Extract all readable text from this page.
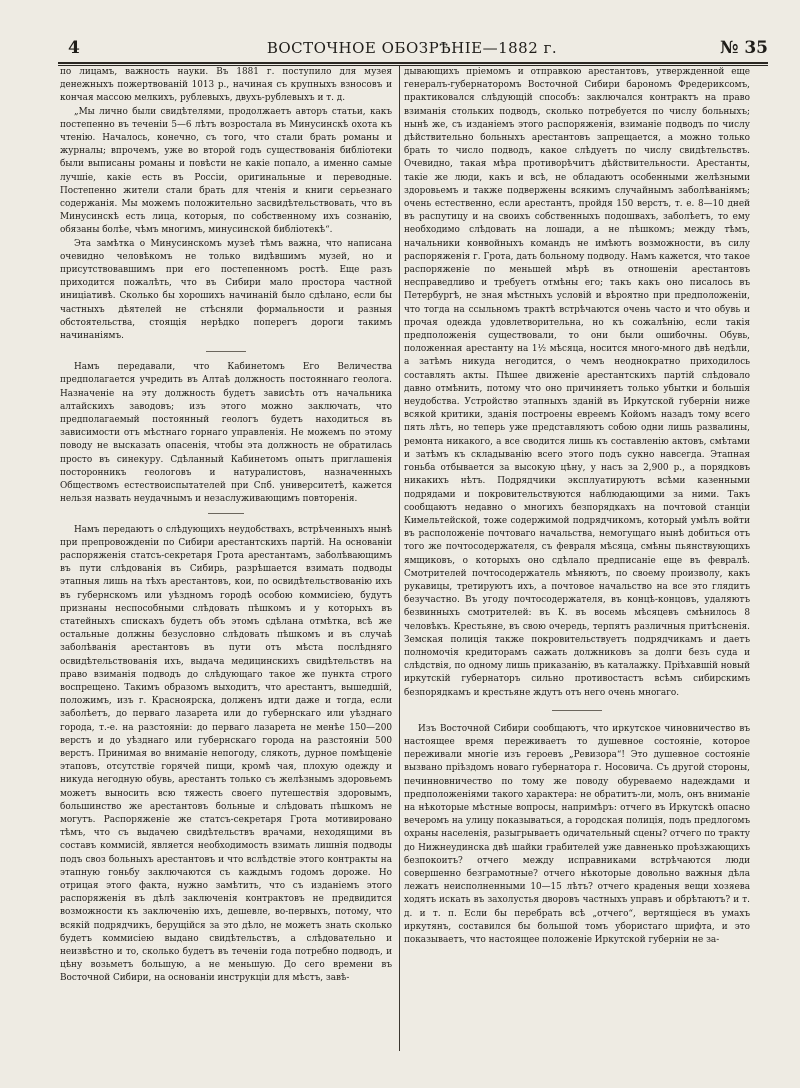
4	ВОСТОЧНОЕ ОБОЗРѢНІЕ—1882 г.	№ 35

по лицамъ, важность науки. Въ 1881 г. поступило для музея денежныхъ пожертвованій 1013 р., начиная съ крупныхъ взносовъ и кончая массою мелкихъ, рублевыхъ, двухъ-рублевыхъ и т. д.

„Мы лично были свидѣтелями, продолжаетъ авторъ статьи, какъ постепенно въ теченіи 5—6 лѣтъ возростала въ Минусинскѣ охота къ чтенію. Началось, конечно, съ того, что стали брать романы и журналы; впрочемъ, уже во второй годъ существованія библіотеки были выписаны романы и повѣсти не какіе попало, а именно самые лучшіе, какіе есть въ Россіи, оригинальные и переводные. Постепенно жители стали брать для чтенія и книги серьезнаго содержанія. Мы можемъ положительно засвидѣтельствовать, что въ Минусинскѣ есть лица, которыя, по собственному ихъ сознанію, обязаны болѣе, чѣмъ многимъ, минусинской библіотекѣ“.

Эта замѣтка о Минусинскомъ музеѣ тѣмъ важна, что написана очевидно человѣкомъ не только видѣвшимъ музей, но и присутствовавшимъ при его постепенномъ ростѣ. Еще разъ приходится пожалѣть, что въ Сибири мало простора частной иниціативѣ. Сколько бы хорошихъ начинаній было сдѣлано, если бы частныхъ дѣятелей не стѣсняли формальности и разныя обстоятельства, стоящія нерѣдко поперегъ дороги такимъ начинаніямъ.

Намъ передавали, что Кабинетомъ Его Величества предполагается учредить въ Алтаѣ должность постояннаго геолога. Назначеніе на эту должность будетъ зависѣть отъ начальника алтайскихъ заводовъ; изъ этого можно заключать, что предполагаемый постоянный геологъ будетъ находиться въ зависимости отъ мѣстнаго горнаго управленія. Не можемъ по этому поводу не высказать опасенія, чтобы эта должность не обратилась просто въ синекуру. Сдѣланный Кабинетомъ опытъ приглашенія посторонникъ геологовъ и натуралистовъ, назначенныхъ Обществомъ естествоиспытателей при Спб. университетѣ, кажется нельзя назвать неудачнымъ и незаслуживающимъ повторенія.

Намъ передаютъ о слѣдующихъ неудобствахъ, встрѣченныхъ нынѣ при препровожденіи по Сибири арестантскихъ партій. На основаніи распоряженія статсъ-секретаря Грота арестантамъ, заболѣвающимъ въ пути слѣдованія въ Сибирь, разрѣшается взимать подводы этапныя лишь на тѣхъ арестантовъ, кои, по освидѣтельствованію ихъ въ губернскомъ или уѣздномъ городѣ особою коммисіею, будутъ признаны неспособными слѣдовать пѣшкомъ и у которыхъ въ статейныхъ спискахъ будетъ объ этомъ сдѣлана отмѣтка, всѣ же остальные должны безусловно слѣдовать пѣшкомъ и въ случаѣ заболѣванія арестантовъ въ пути отъ мѣста послѣдняго освидѣтельствованія ихъ, выдача медицинскихъ свидѣтельствъ на право взиманія подводъ до слѣдующаго такое же пункта строго воспрещено. Такимъ образомъ выходитъ, что арестантъ, вышедшій, положимъ, изъ г. Красноярска, долженъ идти даже и тогда, если заболѣетъ, до перваго лазарета или до губернскаго или уѣзднаго города, т.-е. на разстояніи: до перваго лазарета не менѣе 150—200 верстъ и до уѣзднаго или губернскаго города на разстояніи 500 верстъ. Принимая во вниманіе непогоду, слякоть, дурное помѣщеніе этаповъ, отсутствіе горячей пищи, кромѣ чая, плохую одежду и никуда негодную обувь, арестантъ только съ желѣзнымъ здоровьемъ можетъ выносить всю тяжесть своего путешествія здоровымъ, большинство же арестантовъ больные и слѣдовать пѣшкомъ не могутъ. Распоряженіе же статсъ-секретаря Грота мотивировано тѣмъ, что съ выдачею свидѣтельствъ врачами, неходящими въ составъ коммисій, является необходимость взимать лишнія подводы подъ своз больныхъ арестантовъ и что вслѣдствіе этого контракты на этапную гоньбу заключаются съ каждымъ годомъ дороже. Но отрицая этого факта, нужно замѣтить, что съ изданіемъ этого распоряженія въ дѣлѣ заключенія контрактовъ не предвидится возможности къ заключенію ихъ, дешевле, во-первыхъ, потому, что всякій подрядчикъ, берущійся за это дѣло, не можетъ знать сколько будетъ коммисіею выдано свидѣтельствъ, а слѣдовательно и неизвѣстно и то, сколько будетъ въ теченіи года потребно подводъ, и цѣну возьметъ большую, а не меньшую. До сего времени въ Восточной Сибири, на основаніи инструкціи для мѣстъ, завѣ-

дывающихъ пріемомъ и отправкою арестантовъ, утвержденной еще генералъ-губернаторомъ Восточной Сибири барономъ Фредериксомъ, практиковался слѣдующій способъ: заключался контрактъ на право взиманія стольких подводъ, сколько потребуется по числу больныхъ; нынѣ же, съ изданіемъ этого распоряженія, взиманіе подводъ по числу дѣйствительно больныхъ арестантовъ запрещается, а можно только брать то число подводъ, какое слѣдуетъ по числу свидѣтельствъ. Очевидно, такая мѣра противорѣчитъ дѣйствительности. Арестанты, такіе же люди, какъ и всѣ, не обладаютъ особенными желѣзными здоровьемъ и также подвержены всякимъ случайнымъ заболѣваніямъ; очень естественно, если арестантъ, пройдя 150 верстъ, т. е. 8—10 дней въ распутицу и на своихъ собственныхъ подошвахъ, заболѣетъ, то ему необходимо слѣдовать на лошади, а не пѣшкомъ; между тѣмъ, начальники конвойныхъ командъ не имѣютъ возможности, въ силу распоряженія г. Грота, дать больному подводу. Намъ кажется, что такое распоряженіе по меньшей мѣрѣ въ отношеніи арестантовъ несправедливо и требуетъ отмѣны его; такъ какъ оно писалось въ Петербургѣ, не зная мѣстныхъ условій и вѣроятно при предположеніи, что тогда на ссыльномъ трактѣ встрѣчаются очень часто и что обувь и прочая одежда удовлетворительна, но къ сожалѣнію, если такія предположенія существовали, то они были ошибочны. Обувь, положенная арестанту на 1½ мѣсяца, носится много-много двѣ недѣли, а затѣмъ никуда негодится, о чемъ неоднократно приходилось составлять акты. Пѣшее движеніе арестантскихъ партій слѣдовало давно отмѣнить, потому что оно причиняетъ только убытки и большія неудобства. Устройство этапныхъ зданій въ Иркутской губерніи ниже всякой критики, зданія построены евреемъ Койомъ назадъ тому всего пять лѣтъ, но теперь уже представляютъ собою одни лишь развалины, ремонта никакого, а все сводится лишь къ составленію актовъ, смѣтами и затѣмъ къ складыванію всего этого подъ сукно навсегда. Этапная гоньба отбывается за высокую цѣну, у насъ за 2,900 р., а порядковъ никакихъ нѣтъ. Подрядчики эксплуатируютъ всѣми казенными подрядами и покровительствуются наблюдающими за ними. Такъ сообщаютъ недавно о многихъ безпорядкахъ на почтовой станціи Кимельтейской, тоже содержимой подрядчикомъ, который умѣлъ войти въ расположеніе почтоваго начальства, немогущаго нынѣ добиться отъ того же почтосодержателя, съ февраля мѣсяца, смѣны пьянствующихъ ямщиковъ, о которыхъ оно сдѣлало предписаніе еще въ февралѣ. Смотрителей почтосодержатель мѣняютъ, по своему произволу, какъ рукавицы, третируютъ ихъ, а почтовое начальство на все это глядитъ безучастно. Въ угоду почтосодержателя, въ концѣ-концовъ, удаляютъ безвинныхъ смотрителей: въ К. въ восемь мѣсяцевъ смѣнилось 8 человѣкъ. Крестьяне, въ свою очередь, терпятъ различныя притѣсненія. Земская полиція также покровительствуетъ подрядчикамъ и даетъ полномочія кредиторамъ сажать должниковъ за долги безъ суда и слѣдствія, по одному лишь приказанію, въ каталажку. Пріѣхавшій новый иркутскій губернаторъ сильно противостастъ всѣмъ сибирскимъ безпорядкамъ и крестьяне ждутъ отъ него очень многаго.

Изъ Восточной Сибири сообщаютъ, что иркутское чиновничество въ настоящее время переживаетъ то душевное состояніе, которое переживали многіе изъ героевъ „Ревизора“! Это душевное состояніе вызвано пріѣздомъ новаго губернатора г. Носовича. Съ другой стороны, печинновничество по тому же поводу обуреваемо надеждами и предположеніями такого характера: не обратитъ-ли, молъ, онъ вниманіе на нѣкоторые мѣстные вопросы, напримѣръ: отчего въ Иркутскѣ опасно вечеромъ на улицу показываться, а городская полиція, подъ предлогомъ охраны населенія, разыгрываетъ одичательный сцены? отчего по тракту до Нижнеудинска двѣ шайки грабителей уже давненько проѣзжающихъ безпокоитъ? отчего между исправниками встрѣчаются люди совершенно безграмотные? отчего нѣкоторые довольно важныя дѣла лежатъ неисполненными 10—15 лѣтъ? отчего краденыя вещи хозяева ходятъ искать въ захолустья дворовъ частныхъ управъ и обрѣтаютъ? и т. д. и т. п. Если бы перебрать всѣ „отчего“, вертящіеся въ умахъ иркутянъ, составился бы большой томъ убористаго шрифта, и это показываетъ, что настоящее положеніе Иркутской губерніи не за-
